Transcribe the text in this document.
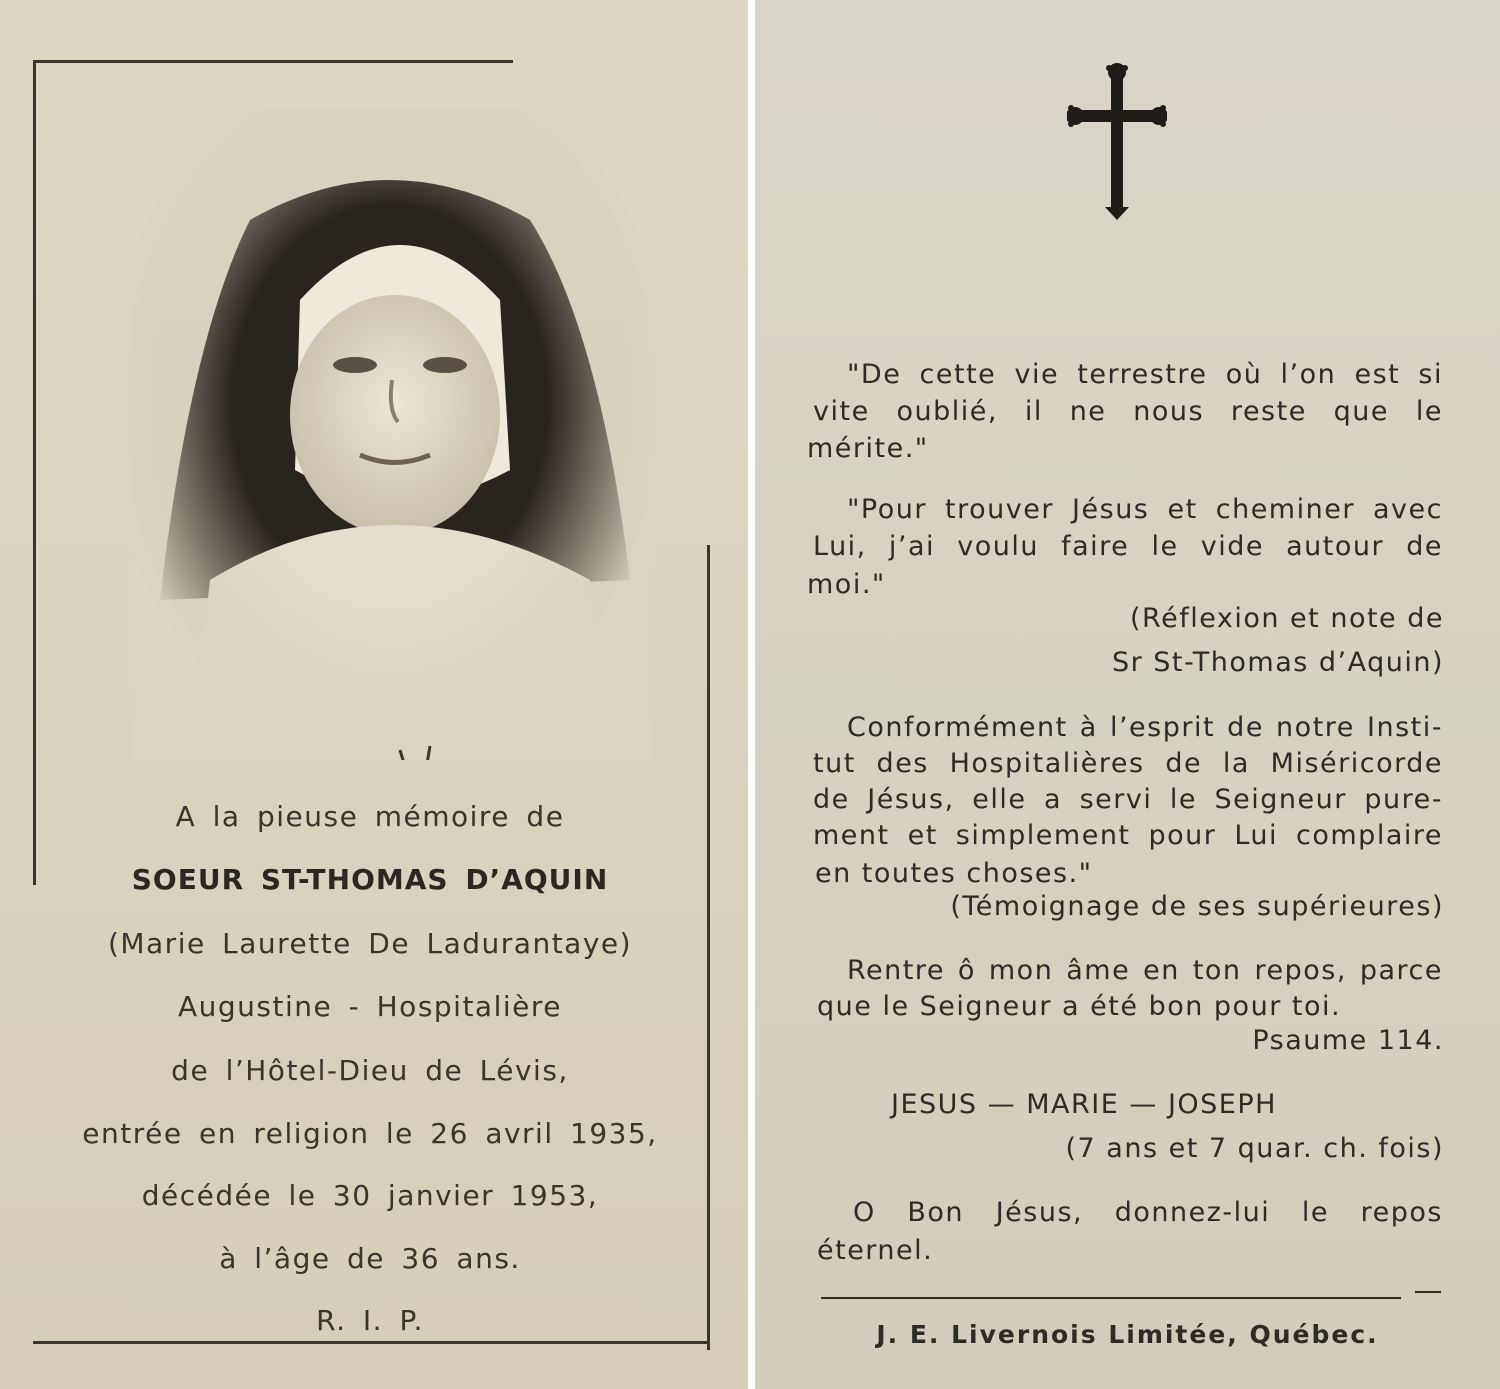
A la pieuse mémoire de
SOEUR ST-THOMAS D’AQUIN
(Marie Laurette De Ladurantaye)
Augustine - Hospitalière
de l’Hôtel-Dieu de Lévis,
entrée en religion le 26 avril 1935,
décédée le 30 janvier 1953,
à l’âge de 36 ans.
R. I. P.
"De cette vie terrestre où l’on est si
vite oublié, il ne nous reste que le
mérite."
"Pour trouver Jésus et cheminer avec
Lui, j’ai voulu faire le vide autour de
moi."
(Réflexion et note de
Sr St-Thomas d’Aquin)
Conformément à l’esprit de notre Insti-
tut des Hospitalières de la Miséricorde
de Jésus, elle a servi le Seigneur pure-
ment et simplement pour Lui complaire
en toutes choses."
(Témoignage de ses supérieures)
Rentre ô mon âme en ton repos, parce
que le Seigneur a été bon pour toi.
Psaume 114.
JESUS — MARIE — JOSEPH
(7 ans et 7 quar. ch. fois)
O Bon Jésus, donnez-lui le repos
éternel.
J. E. Livernois Limitée, Québec.
